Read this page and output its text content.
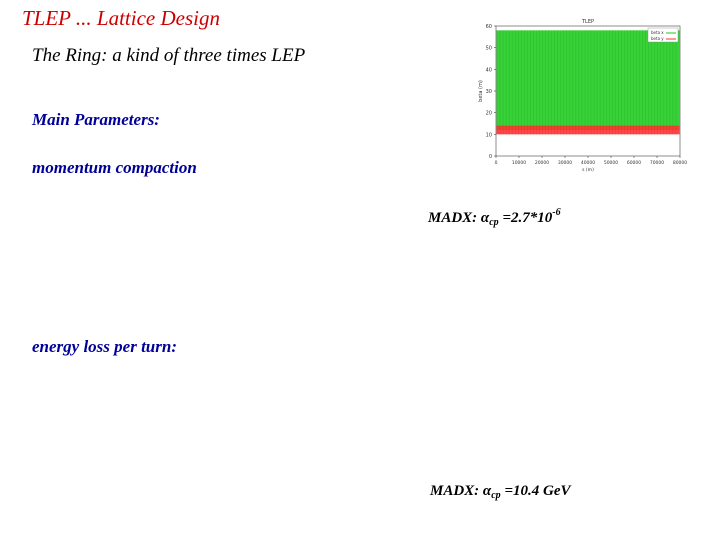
TLEP ... Lattice Design
The Ring: a kind of three times LEP
Main Parameters:
momentum compaction
MADX: $\alpha_{cp} =2.7*10^{-6}$
energy loss per turn:
MADX: $\alpha_{cp} =10.4$ GeV
0
10
20
30
40
50
60
0	10000 20000 30000 40000 50000 60000 70000 80000
TLEP
s (m)
beta (m)
beta x
beta y
